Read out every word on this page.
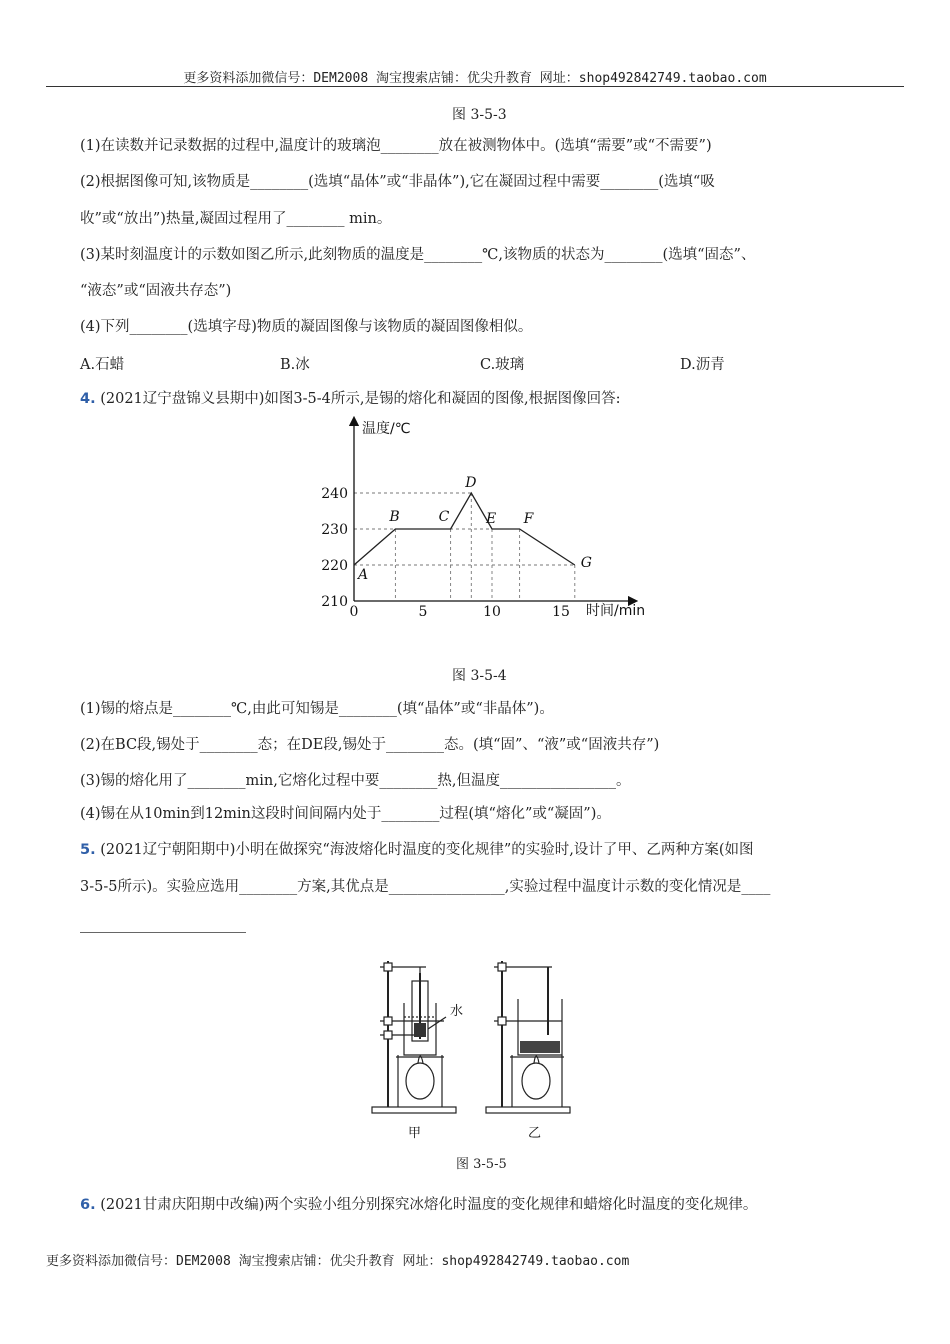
更多资料添加微信号：DEM2008 淘宝搜索店铺：优尖升教育 网址：shop492842749.taobao.com
图 3-5-3
(1)在读数并记录数据的过程中,温度计的玻璃泡________放在被测物体中。(选填“需要”或“不需要”)
(2)根据图像可知,该物质是________(选填“晶体”或“非晶体”),它在凝固过程中需要________(选填“吸
收”或“放出”)热量,凝固过程用了________ min。
(3)某时刻温度计的示数如图乙所示,此刻物质的温度是________℃,该物质的状态为________(选填“固态”、
“液态”或“固液共存态”)
(4)下列________(选填字母)物质的凝固图像与该物质的凝固图像相似。
A.石蜡	B.冰	C.玻璃	D.沥青
4. (2021辽宁盘锦义县期中)如图3-5-4所示,是锡的熔化和凝固的图像,根据图像回答:
210
220
230
240
0	5	10	15
A
B	C
D
E F
G
温度/℃
时间/min
图 3-5-4
(1)锡的熔点是________℃,由此可知锡是________(填“晶体”或“非晶体”)。
(2)在BC段,锡处于________态；在DE段,锡处于________态。(填“固”、“液”或“固液共存”)
(3)锡的熔化用了________min,它熔化过程中要________热,但温度________________。
(4)锡在从10min到12min这段时间间隔内处于________过程(填“熔化”或“凝固”)。
5. (2021辽宁朝阳期中)小明在做探究“海波熔化时温度的变化规律”的实验时,设计了甲、乙两种方案(如图
3-5-5所示)。实验应选用________方案,其优点是________________,实验过程中温度计示数的变化情况是____
水
甲	乙
图 3-5-5
6. (2021甘肃庆阳期中改编)两个实验小组分别探究冰熔化时温度的变化规律和蜡熔化时温度的变化规律。
更多资料添加微信号：DEM2008 淘宝搜索店铺：优尖升教育 网址：shop492842749.taobao.com
